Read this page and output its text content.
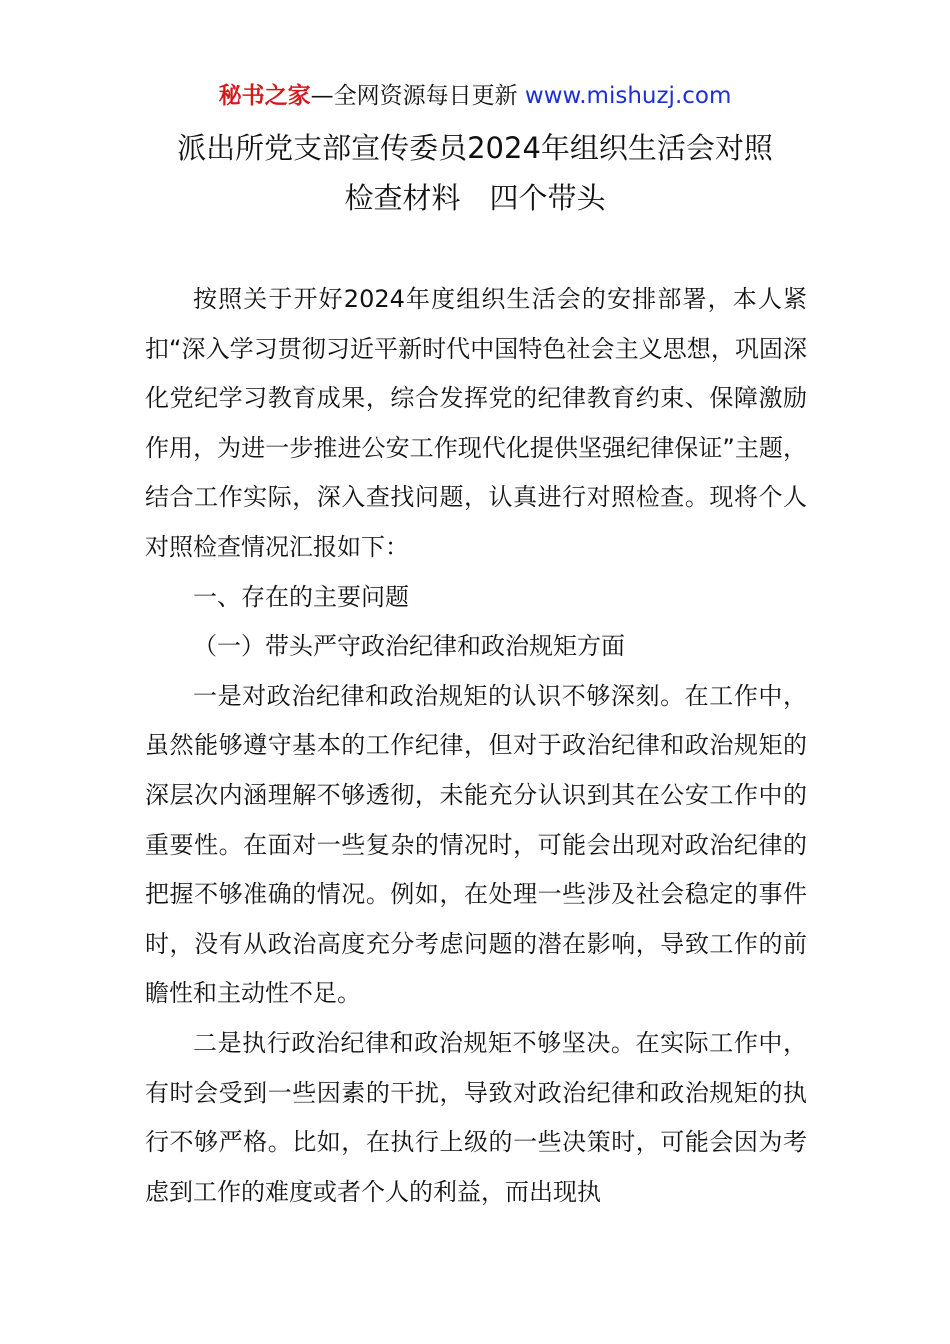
秘书之家—全网资源每日更新 www.mishuzj.com
派出所党支部宣传委员2024年组织生活会对照
检查材料　四个带头

按照关于开好2024年度组织生活会的安排部署，本人紧扣“深入学习贯彻习近平新时代中国特色社会主义思想，巩固深化党纪学习教育成果，综合发挥党的纪律教育约束、保障激励作用，为进一步推进公安工作现代化提供坚强纪律保证”主题，结合工作实际，深入查找问题，认真进行对照检查。现将个人对照检查情况汇报如下：

一、存在的主要问题

（一）带头严守政治纪律和政治规矩方面

一是对政治纪律和政治规矩的认识不够深刻。在工作中，虽然能够遵守基本的工作纪律，但对于政治纪律和政治规矩的深层次内涵理解不够透彻，未能充分认识到其在公安工作中的重要性。在面对一些复杂的情况时，可能会出现对政治纪律的把握不够准确的情况。例如，在处理一些涉及社会稳定的事件时，没有从政治高度充分考虑问题的潜在影响，导致工作的前瞻性和主动性不足。

二是执行政治纪律和政治规矩不够坚决。在实际工作中，有时会受到一些因素的干扰，导致对政治纪律和政治规矩的执行不够严格。比如，在执行上级的一些决策时，可能会因为考虑到工作的难度或者个人的利益，而出现执
